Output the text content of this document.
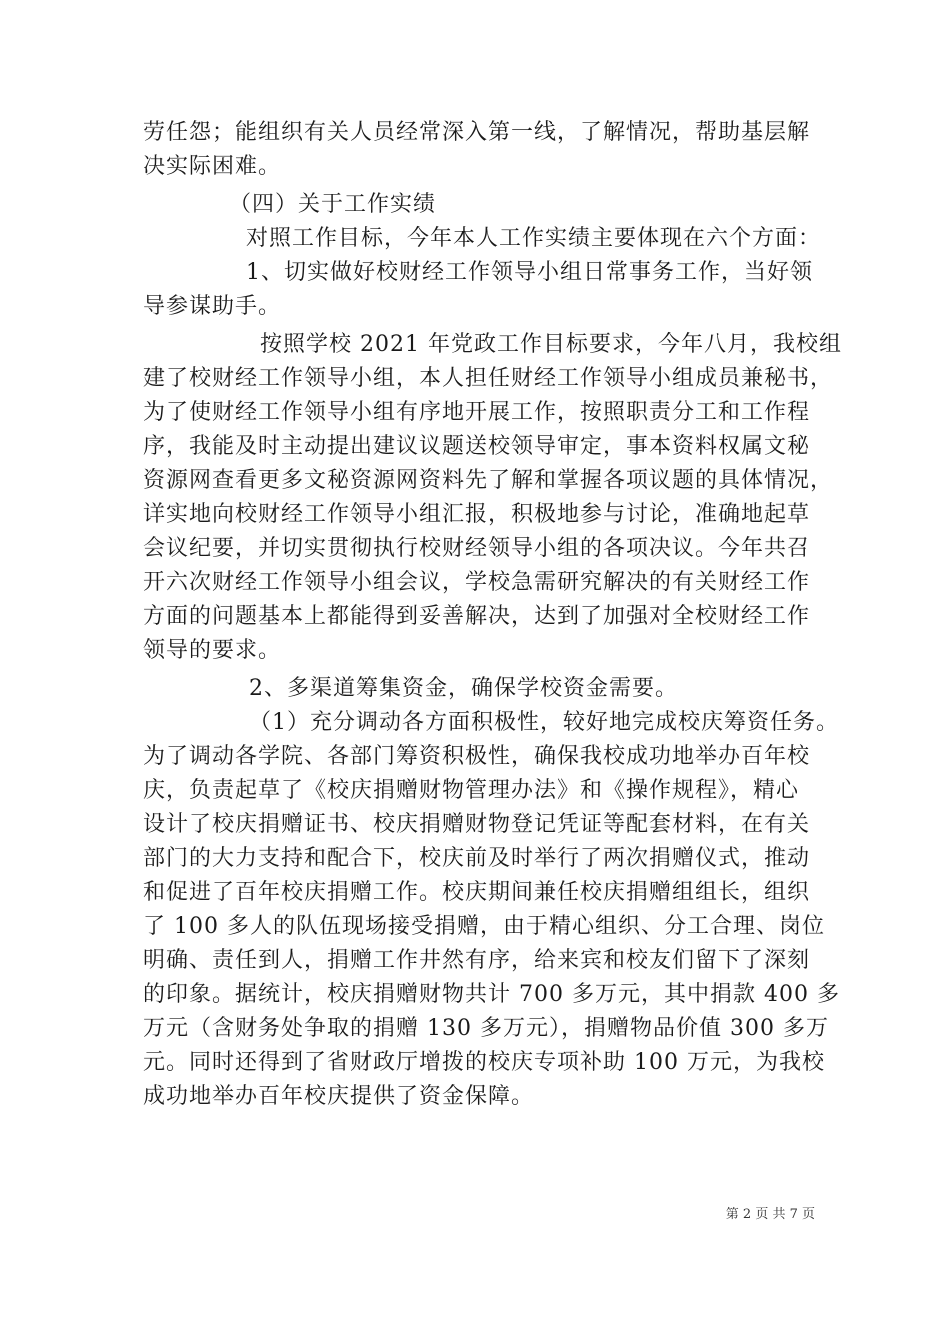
劳任怨；能组织有关人员经常深入第一线，了解情况，帮助基层解
决实际困难。
（四）关于工作实绩
对照工作目标，今年本人工作实绩主要体现在六个方面：
1、切实做好校财经工作领导小组日常事务工作，当好领
导参谋助手。
按照学校 2021 年党政工作目标要求，今年八月，我校组
建了校财经工作领导小组，本人担任财经工作领导小组成员兼秘书，
为了使财经工作领导小组有序地开展工作，按照职责分工和工作程
序，我能及时主动提出建议议题送校领导审定，事本资料权属文秘
资源网查看更多文秘资源网资料先了解和掌握各项议题的具体情况，
详实地向校财经工作领导小组汇报，积极地参与讨论，准确地起草
会议纪要，并切实贯彻执行校财经领导小组的各项决议。今年共召
开六次财经工作领导小组会议，学校急需研究解决的有关财经工作
方面的问题基本上都能得到妥善解决，达到了加强对全校财经工作
领导的要求。
2、多渠道筹集资金，确保学校资金需要。
（1）充分调动各方面积极性，较好地完成校庆筹资任务。
为了调动各学院、各部门筹资积极性，确保我校成功地举办百年校
庆，负责起草了《校庆捐赠财物管理办法》和《操作规程》，精心
设计了校庆捐赠证书、校庆捐赠财物登记凭证等配套材料，在有关
部门的大力支持和配合下，校庆前及时举行了两次捐赠仪式，推动
和促进了百年校庆捐赠工作。校庆期间兼任校庆捐赠组组长，组织
了 100 多人的队伍现场接受捐赠，由于精心组织、分工合理、岗位
明确、责任到人，捐赠工作井然有序，给来宾和校友们留下了深刻
的印象。据统计，校庆捐赠财物共计 700 多万元，其中捐款 400 多
万元（含财务处争取的捐赠 130 多万元），捐赠物品价值 300 多万
元。同时还得到了省财政厅增拨的校庆专项补助 100 万元，为我校
成功地举办百年校庆提供了资金保障。
第 2 页 共 7 页
